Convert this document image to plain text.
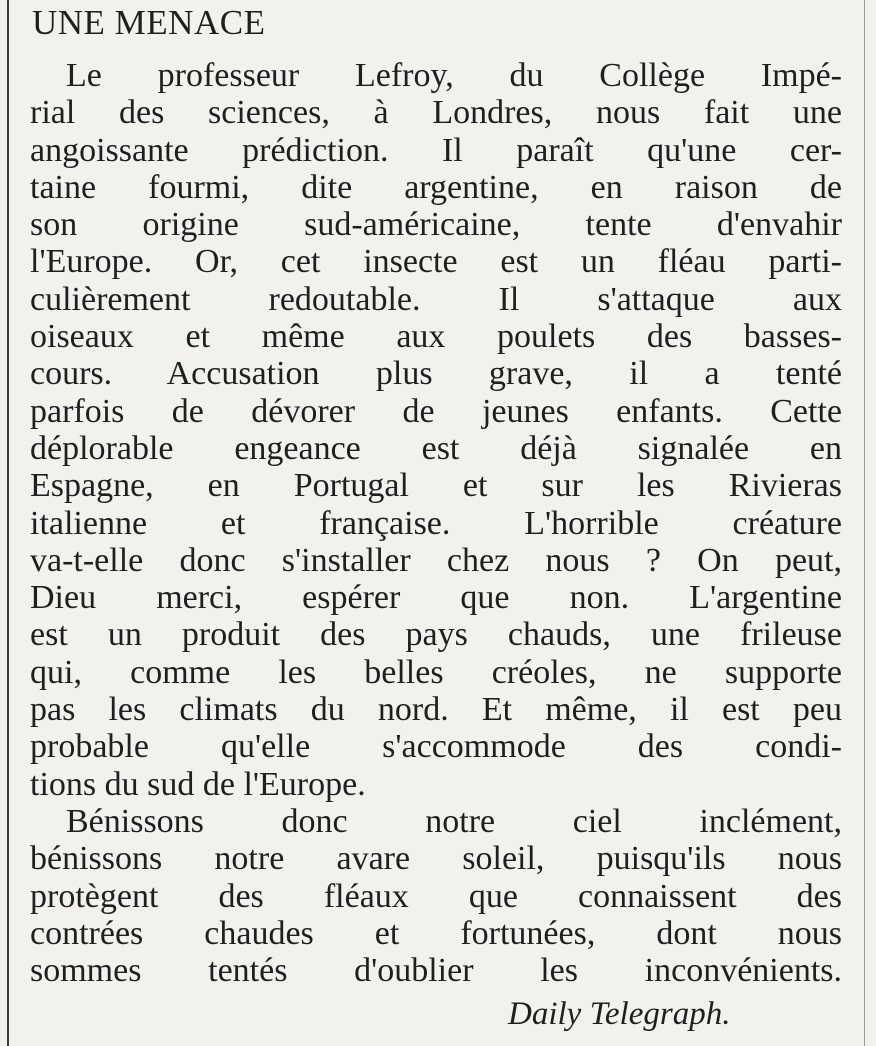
UNE MENACE
Le professeur Lefroy, du Collège Impé-
rial des sciences, à Londres, nous fait une
angoissante prédiction. Il paraît qu'une cer-
taine fourmi, dite argentine, en raison de
son origine sud-américaine, tente d'envahir
l'Europe. Or, cet insecte est un fléau parti-
culièrement redoutable. Il s'attaque aux
oiseaux et même aux poulets des basses-
cours. Accusation plus grave, il a tenté
parfois de dévorer de jeunes enfants. Cette
déplorable engeance est déjà signalée en
Espagne, en Portugal et sur les Rivieras
italienne et française. L'horrible créature
va-t-elle donc s'installer chez nous ? On peut,
Dieu merci, espérer que non. L'argentine
est un produit des pays chauds, une frileuse
qui, comme les belles créoles, ne supporte
pas les climats du nord. Et même, il est peu
probable qu'elle s'accommode des condi-
tions du sud de l'Europe.
Bénissons donc notre ciel inclément,
bénissons notre avare soleil, puisqu'ils nous
protègent des fléaux que connaissent des
contrées chaudes et fortunées, dont nous
sommes tentés d'oublier les inconvénients.

Daily Telegraph.
